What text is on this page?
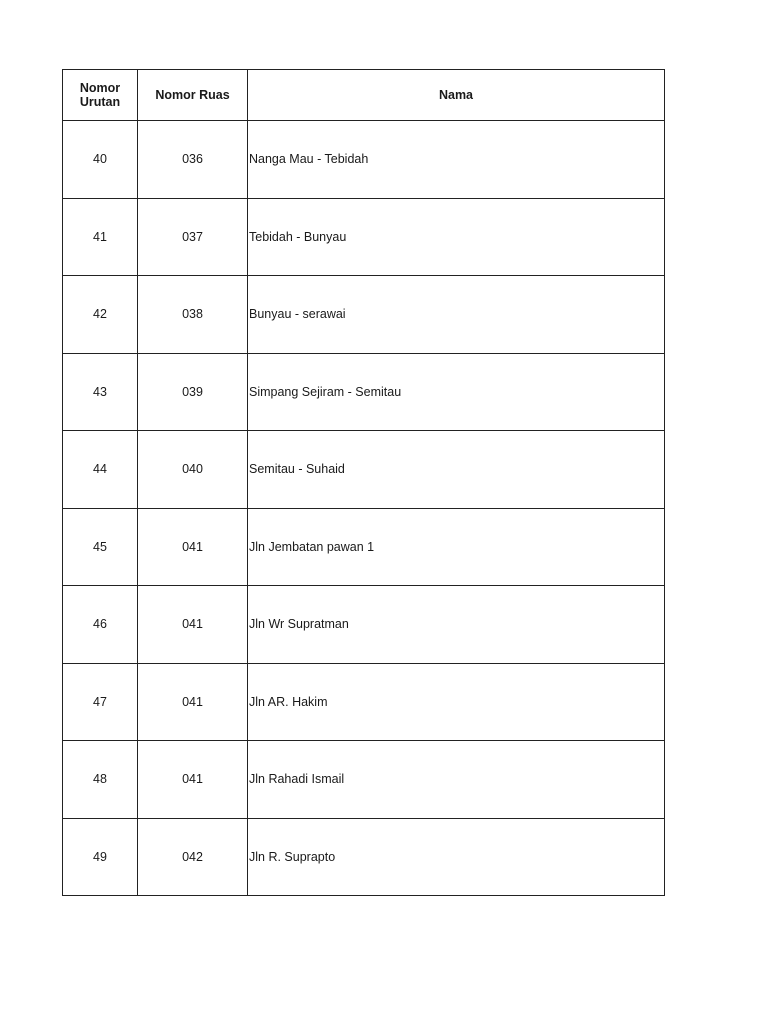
Nomor
Urutan	Nomor Ruas	Nama
40	036	Nanga Mau - Tebidah
41	037	Tebidah - Bunyau
42	038	Bunyau - serawai
43	039	Simpang Sejiram - Semitau
44	040	Semitau - Suhaid
45	041	Jln Jembatan pawan 1
46	041	Jln Wr Supratman
47	041	Jln AR. Hakim
48	041	Jln Rahadi Ismail
49	042	Jln R. Suprapto
